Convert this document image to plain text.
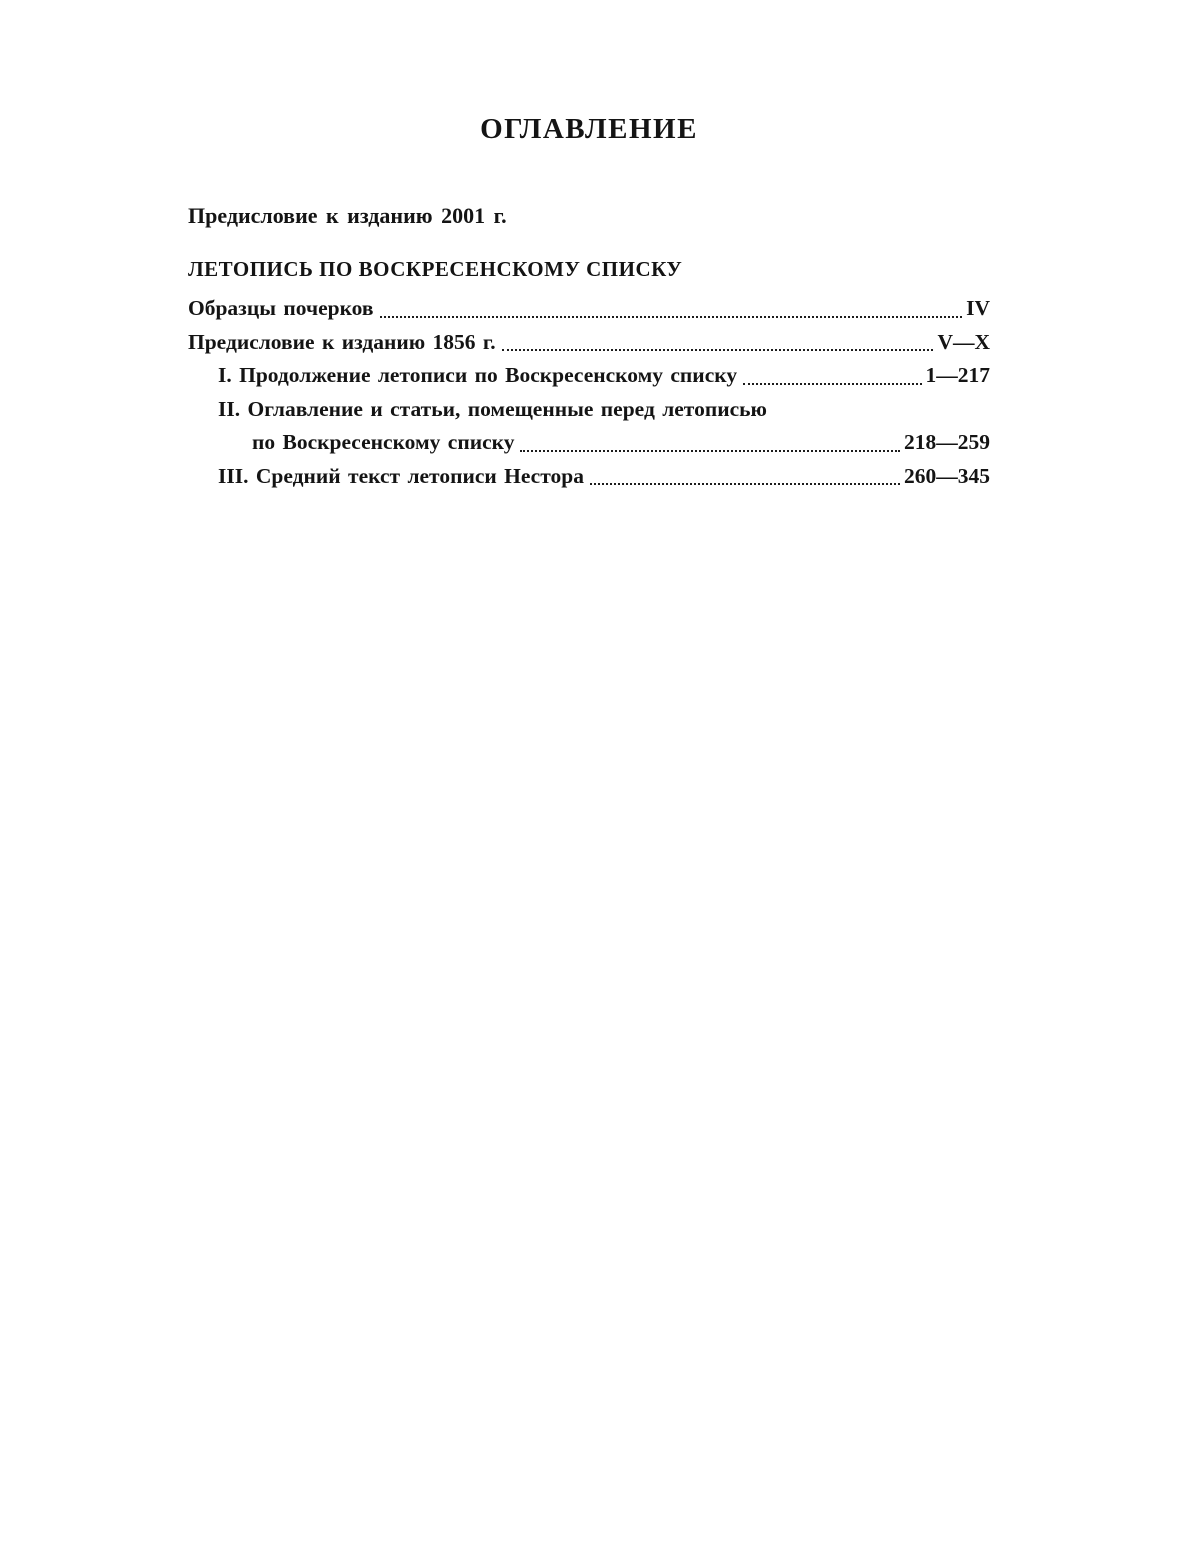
ОГЛАВЛЕНИЕ

Предисловие к изданию 2001 г.

ЛЕТОПИСЬ ПО ВОСКРЕСЕНСКОМУ СПИСКУ
Образцы почерков	IV
Предисловие к изданию 1856 г.	V—X
I. Продолжение летописи по Воскресенскому списку	1—217
II. Оглавление и статьи, помещенные перед летописью
по Воскресенскому списку	218—259
III. Средний текст летописи Нестора	260—345
